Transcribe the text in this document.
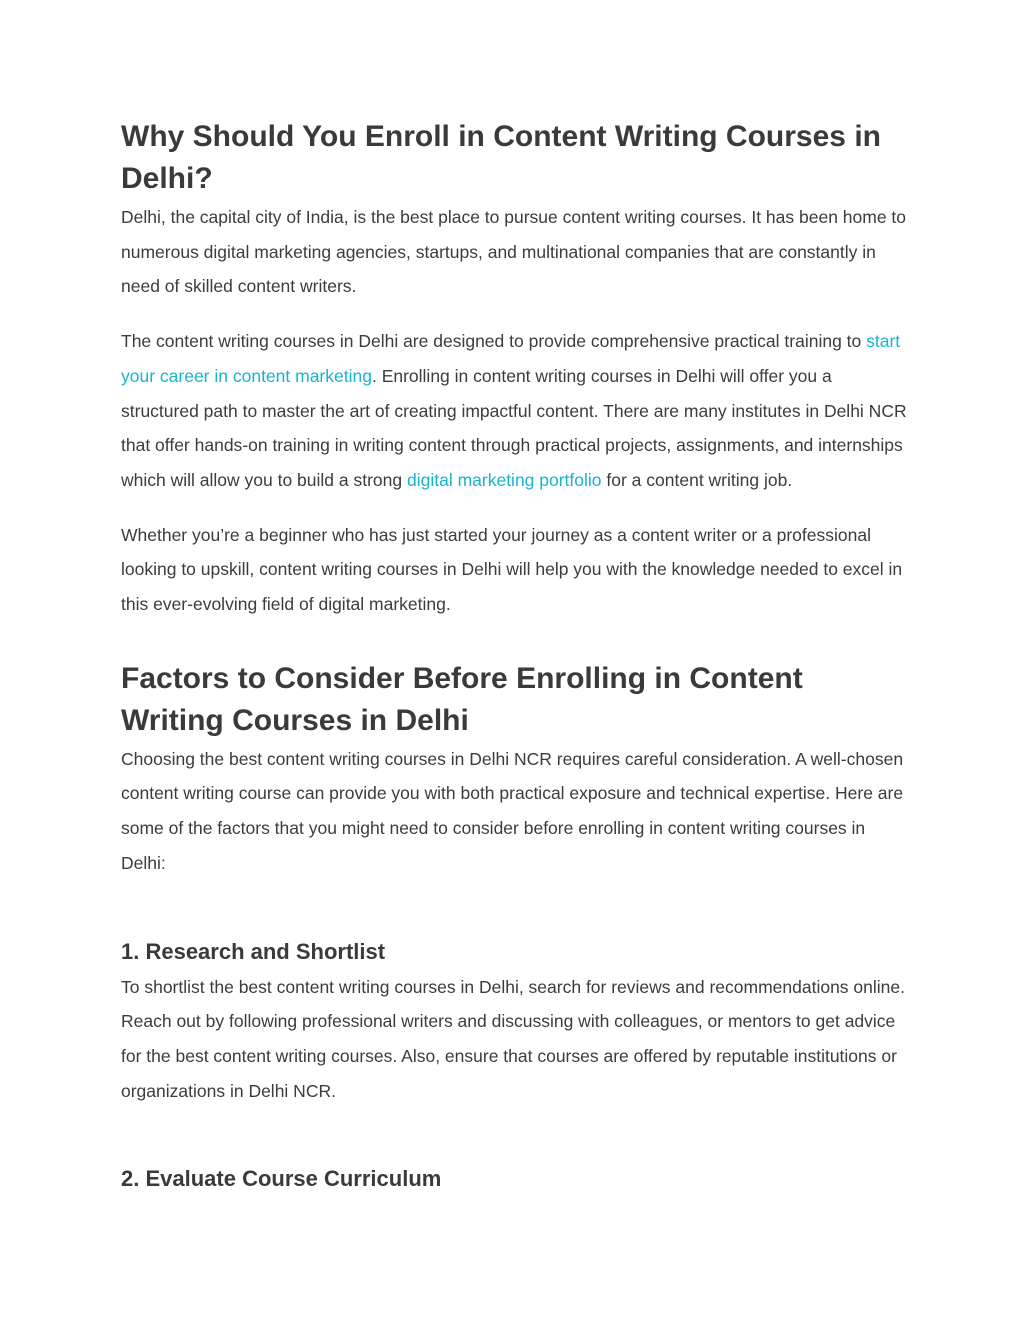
Why Should You Enroll in Content Writing Courses in Delhi?

Delhi, the capital city of India, is the best place to pursue content writing courses. It has been home to numerous digital marketing agencies, startups, and multinational companies that are constantly in need of skilled content writers.

The content writing courses in Delhi are designed to provide comprehensive practical training to start your career in content marketing. Enrolling in content writing courses in Delhi will offer you a structured path to master the art of creating impactful content. There are many institutes in Delhi NCR that offer hands-on training in writing content through practical projects, assignments, and internships which will allow you to build a strong digital marketing portfolio for a content writing job.

Whether you’re a beginner who has just started your journey as a content writer or a professional looking to upskill, content writing courses in Delhi will help you with the knowledge needed to excel in this ever-evolving field of digital marketing.

Factors to Consider Before Enrolling in Content Writing Courses in Delhi

Choosing the best content writing courses in Delhi NCR requires careful consideration. A well-chosen content writing course can provide you with both practical exposure and technical expertise. Here are some of the factors that you might need to consider before enrolling in content writing courses in Delhi:

1. Research and Shortlist

To shortlist the best content writing courses in Delhi, search for reviews and recommendations online. Reach out by following professional writers and discussing with colleagues, or mentors to get advice for the best content writing courses. Also, ensure that courses are offered by reputable institutions or organizations in Delhi NCR.

2. Evaluate Course Curriculum
